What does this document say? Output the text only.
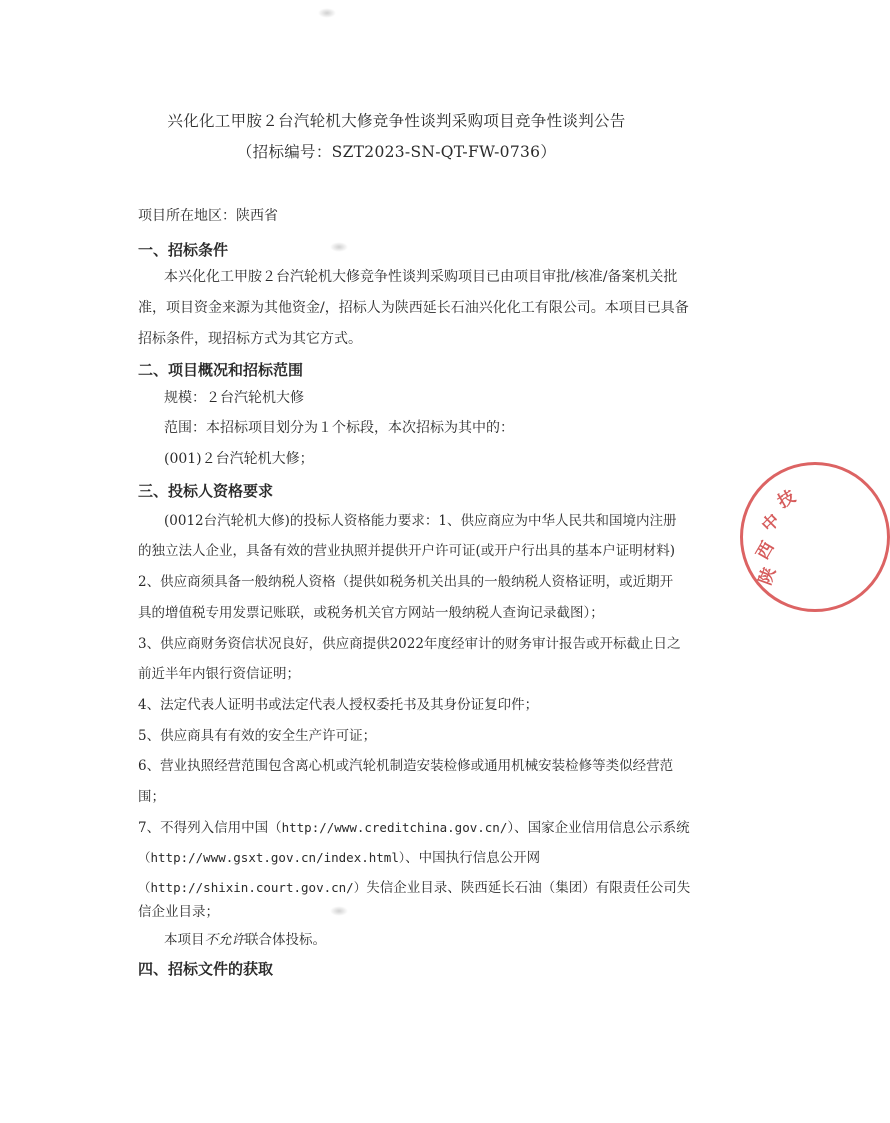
兴化化工甲胺２台汽轮机大修竞争性谈判采购项目竞争性谈判公告
（招标编号：SZT2023-SN-QT-FW-0736）
项目所在地区：陕西省
一、招标条件
本兴化化工甲胺２台汽轮机大修竞争性谈判采购项目已由项目审批/核准/备案机关批
准，项目资金来源为其他资金/，招标人为陕西延长石油兴化化工有限公司。本项目已具备
招标条件，现招标方式为其它方式。
二、项目概况和招标范围
规模：２台汽轮机大修
范围：本招标项目划分为１个标段，本次招标为其中的：
(001)２台汽轮机大修；
三、投标人资格要求
(0012台汽轮机大修)的投标人资格能力要求：1、供应商应为中华人民共和国境内注册
的独立法人企业，具备有效的营业执照并提供开户许可证(或开户行出具的基本户证明材料)
2、供应商须具备一般纳税人资格（提供如税务机关出具的一般纳税人资格证明，或近期开
具的增值税专用发票记账联，或税务机关官方网站一般纳税人查询记录截图）；
3、供应商财务资信状况良好，供应商提供2022年度经审计的财务审计报告或开标截止日之
前近半年内银行资信证明；
4、法定代表人证明书或法定代表人授权委托书及其身份证复印件；
5、供应商具有有效的安全生产许可证；
6、营业执照经营范围包含离心机或汽轮机制造安装检修或通用机械安装检修等类似经营范
围；
7、不得列入信用中国（http://www.creditchina.gov.cn/）、国家企业信用信息公示系统
（http://www.gsxt.gov.cn/index.html）、中国执行信息公开网
（http://shixin.court.gov.cn/）失信企业目录、陕西延长石油（集团）有限责任公司失
信企业目录；
本项目不允许联合体投标。
四、招标文件的获取
陕
西
中
技
